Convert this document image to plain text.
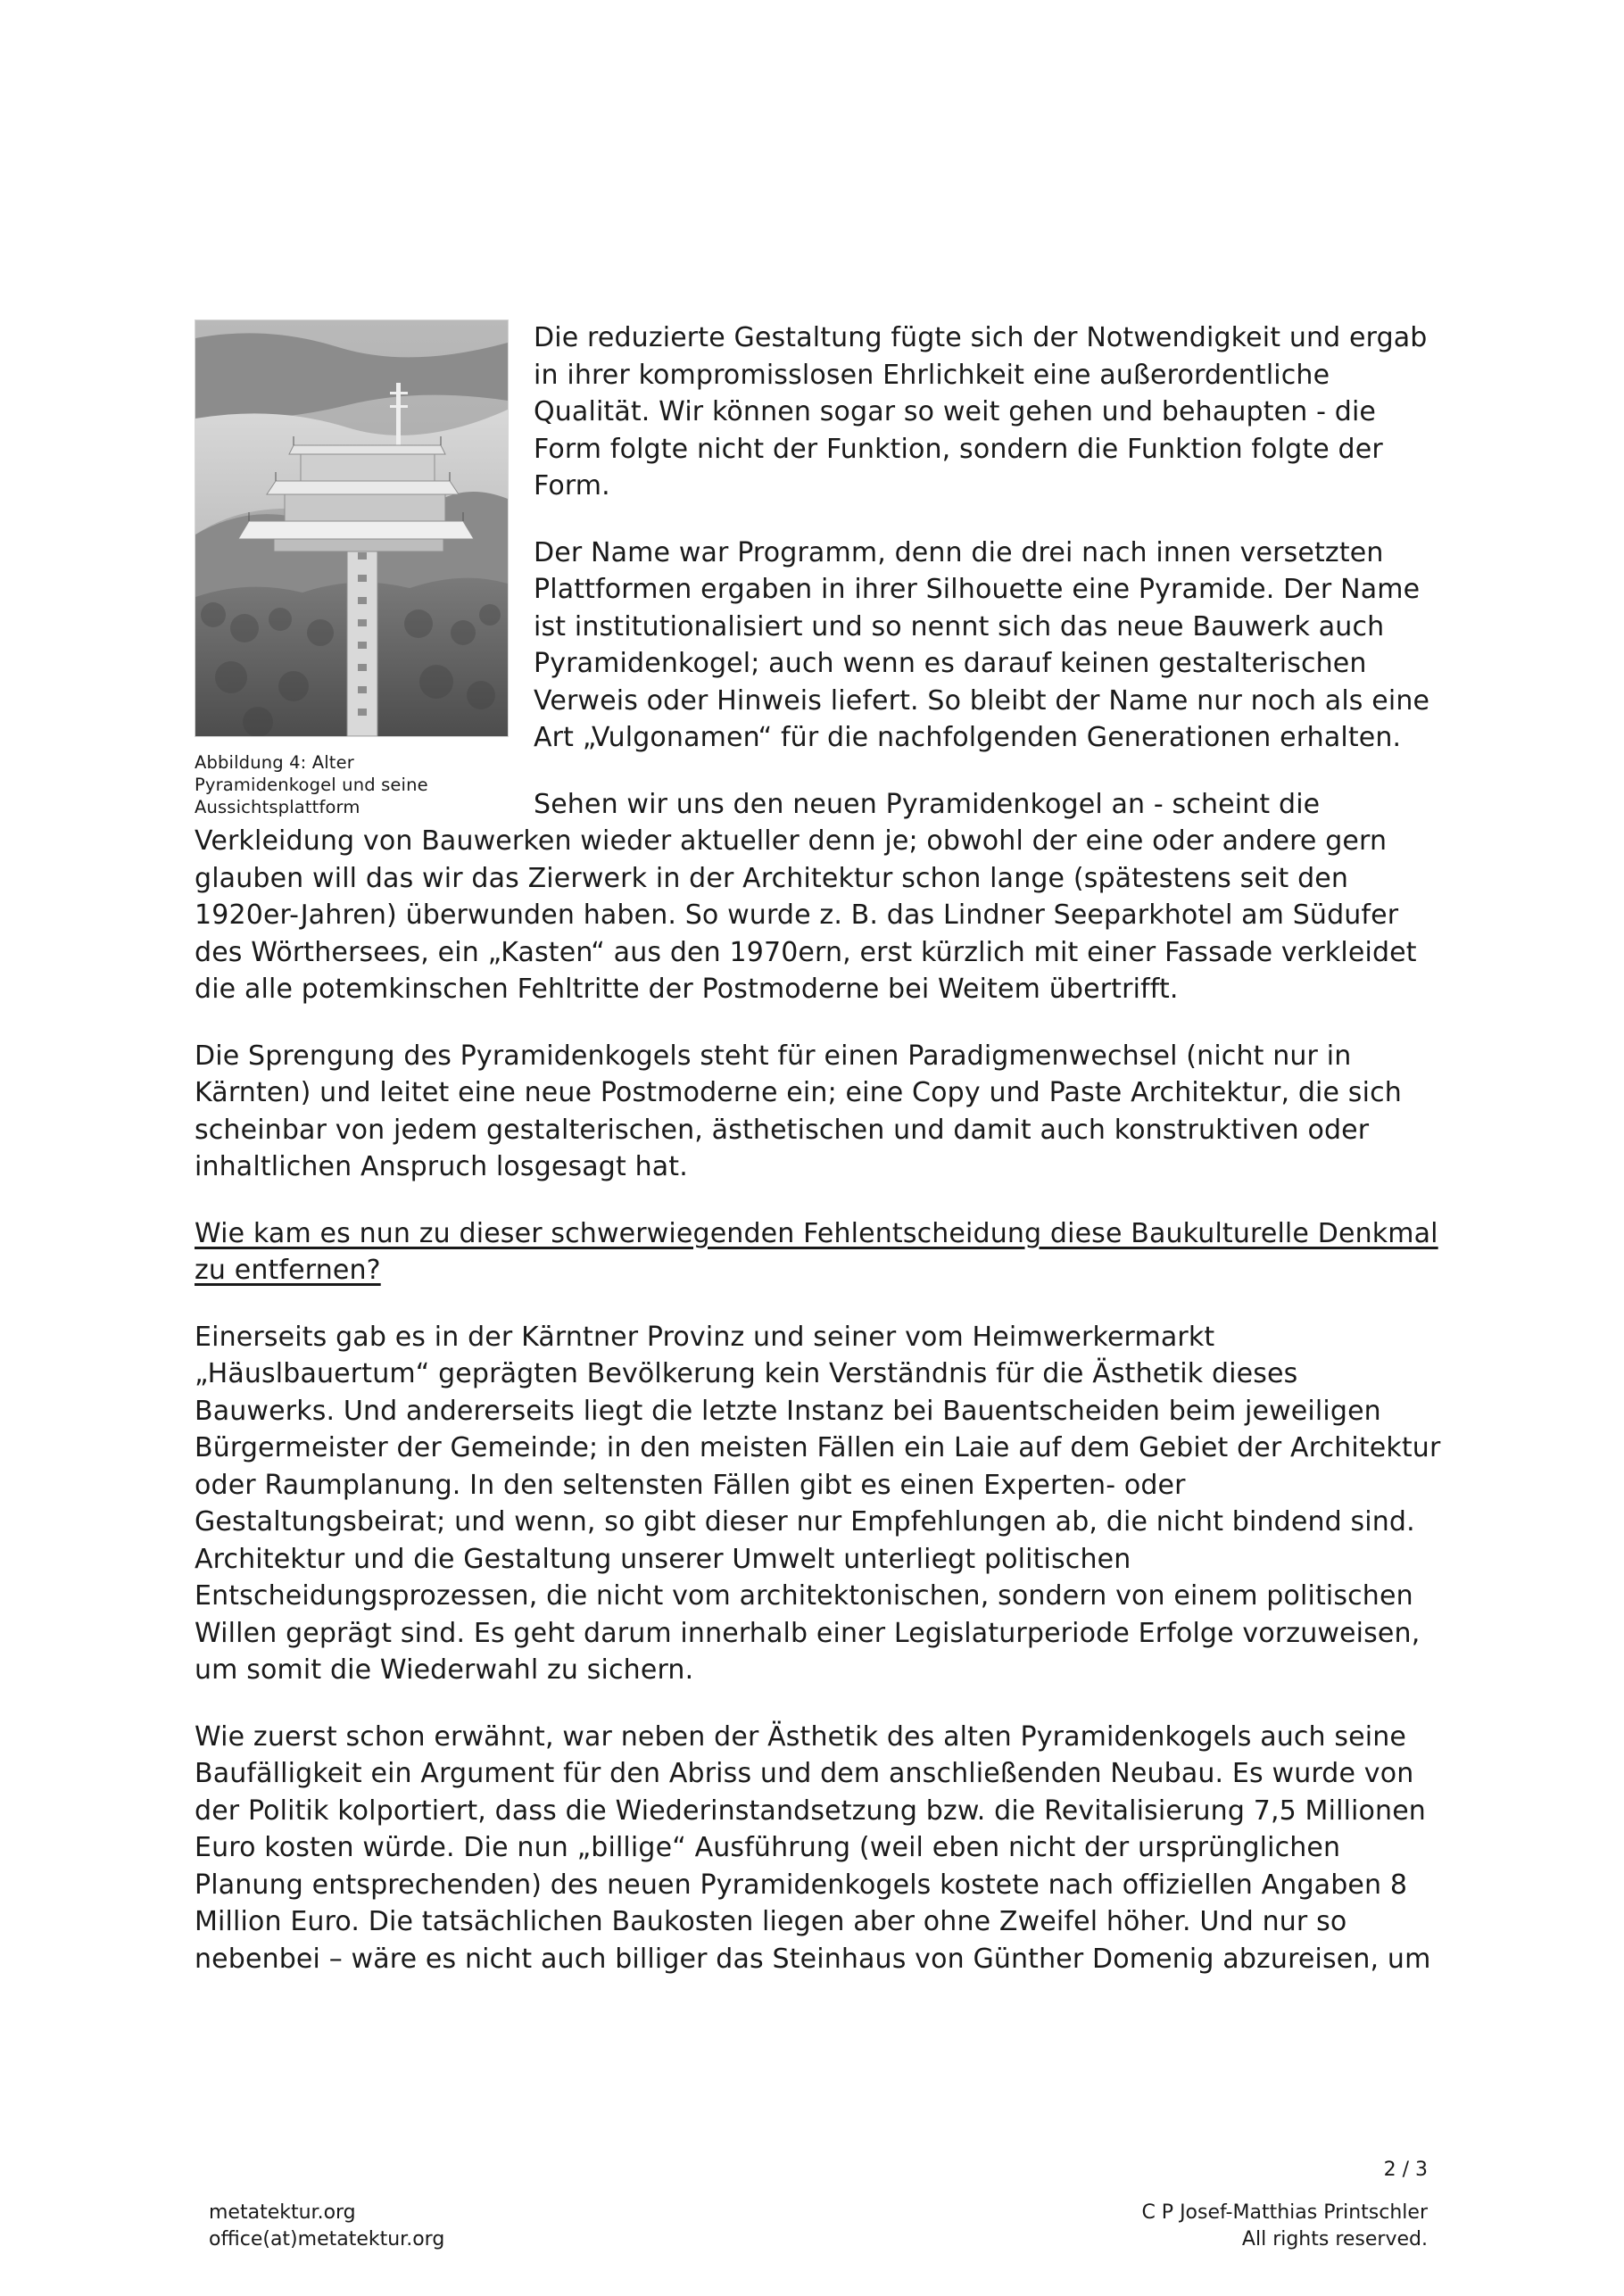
Abbildung 4: Alter Pyramidenkogel und seine Aussichtsplattform

Die reduzierte Gestaltung fügte sich der Notwendigkeit und ergab in ihrer kompromisslosen Ehrlichkeit eine außerordentliche Qualität. Wir können sogar so weit gehen und behaupten - die Form folgte nicht der Funktion, sondern die Funktion folgte der Form.

Der Name war Programm, denn die drei nach innen versetzten Plattformen ergaben in ihrer Silhouette eine Pyramide. Der Name ist institutionalisiert und so nennt sich das neue Bauwerk auch Pyramidenkogel; auch wenn es darauf keinen gestalterischen Verweis oder Hinweis liefert. So bleibt der Name nur noch als eine Art „Vulgonamen“ für die nachfolgenden Generationen erhalten.

Sehen wir uns den neuen Pyramidenkogel an - scheint die Verkleidung von Bauwerken wieder aktueller denn je; obwohl der eine oder andere gern glauben will das wir das Zierwerk in der Architektur schon lange (spätestens seit den 1920er-Jahren) überwunden haben. So wurde z. B. das Lindner Seeparkhotel am Südufer des Wörthersees, ein „Kasten“ aus den 1970ern, erst kürzlich mit einer Fassade verkleidet die alle potemkinschen Fehltritte der Postmoderne bei Weitem übertrifft.

Die Sprengung des Pyramidenkogels steht für einen Paradigmenwechsel (nicht nur in Kärnten) und leitet eine neue Postmoderne ein; eine Copy und Paste Architektur, die sich scheinbar von jedem gestalterischen, ästhetischen und damit auch konstruktiven oder inhaltlichen Anspruch losgesagt hat.

Wie kam es nun zu dieser schwerwiegenden Fehlentscheidung diese Baukulturelle Denkmal zu entfernen?

Einerseits gab es in der Kärntner Provinz und seiner vom Heimwerkermarkt „Häuslbauertum“ geprägten Bevölkerung kein Verständnis für die Ästhetik dieses Bauwerks. Und andererseits liegt die letzte Instanz bei Bauentscheiden beim jeweiligen Bürgermeister der Gemeinde; in den meisten Fällen ein Laie auf dem Gebiet der Architektur oder Raumplanung. In den seltensten Fällen gibt es einen Experten- oder Gestaltungsbeirat; und wenn, so gibt dieser nur Empfehlungen ab, die nicht bindend sind. Architektur und die Gestaltung unserer Umwelt unterliegt politischen Entscheidungsprozessen, die nicht vom architektonischen, sondern von einem politischen Willen geprägt sind. Es geht darum innerhalb einer Legislaturperiode Erfolge vorzuweisen, um somit die Wiederwahl zu sichern.

Wie zuerst schon erwähnt, war neben der Ästhetik des alten Pyramidenkogels auch seine Baufälligkeit ein Argument für den Abriss und dem anschließenden Neubau. Es wurde von der Politik kolportiert, dass die Wiederinstandsetzung bzw. die Revitalisierung 7,5 Millionen Euro kosten würde. Die nun „billige“ Ausführung (weil eben nicht der ursprünglichen Planung entsprechenden) des neuen Pyramidenkogels kostete nach offiziellen Angaben 8 Million Euro. Die tatsächlichen Baukosten liegen aber ohne Zweifel höher. Und nur so nebenbei – wäre es nicht auch billiger das Steinhaus von Günther Domenig abzureisen, um

2 / 3
metatektur.org
office(at)metatektur.org
C P Josef-Matthias Printschler
All rights reserved.
